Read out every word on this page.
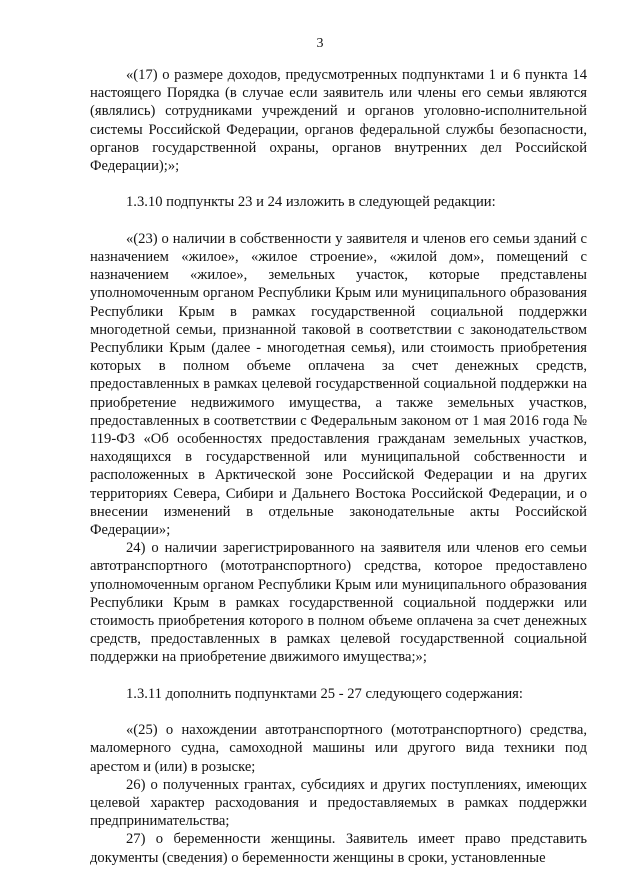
3

«(17) о размере доходов, предусмотренных подпунктами 1 и 6 пункта 14 настоящего Порядка (в случае если заявитель или члены его семьи являются (являлись) сотрудниками учреждений и органов уголовно-исполнительной системы Российской Федерации, органов федеральной службы безопасности, органов государственной охраны, органов внутренних дел Российской Федерации);»;

1.3.10 подпункты 23 и 24 изложить в следующей редакции:

«(23) о наличии в собственности у заявителя и членов его семьи зданий с назначением «жилое», «жилое строение», «жилой дом», помещений с назначением «жилое», земельных участок, которые представлены уполномоченным органом Республики Крым или муниципального образования Республики Крым в рамках государственной социальной поддержки многодетной семьи, признанной таковой в соответствии с законодательством Республики Крым (далее - многодетная семья), или стоимость приобретения которых в полном объеме оплачена за счет денежных средств, предоставленных в рамках целевой государственной социальной поддержки на приобретение недвижимого имущества, а также земельных участков, предоставленных в соответствии с Федеральным законом от 1 мая 2016 года № 119-ФЗ «Об особенностях предоставления гражданам земельных участков, находящихся в государственной или муниципальной собственности и расположенных в Арктической зоне Российской Федерации и на других территориях Севера, Сибири и Дальнего Востока Российской Федерации, и о внесении изменений в отдельные законодательные акты Российской Федерации»;

24) о наличии зарегистрированного на заявителя или членов его семьи автотранспортного (мототранспортного) средства, которое предоставлено уполномоченным органом Республики Крым или муниципального образования Республики Крым в рамках государственной социальной поддержки или стоимость приобретения которого в полном объеме оплачена за счет денежных средств, предоставленных в рамках целевой государственной социальной поддержки на приобретение движимого имущества;»;

1.3.11 дополнить подпунктами 25 - 27 следующего содержания:

«(25) о нахождении автотранспортного (мототранспортного) средства, маломерного судна, самоходной машины или другого вида техники под арестом и (или) в розыске;

26) о полученных грантах, субсидиях и других поступлениях, имеющих целевой характер расходования и предоставляемых в рамках поддержки предпринимательства;

27) о беременности женщины. Заявитель имеет право представить документы (сведения) о беременности женщины в сроки, установленные
